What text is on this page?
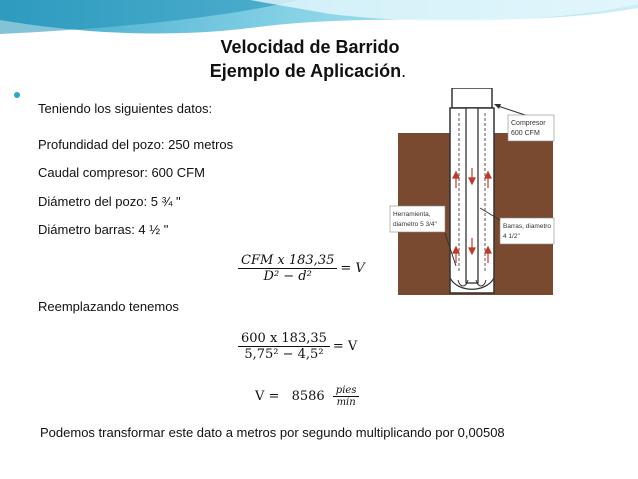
Velocidad de Barrido
Ejemplo de Aplicación.
Teniendo los siguientes datos:
Profundidad del pozo: 250 metros
Caudal compresor: 600 CFM
Diámetro del pozo: 5 ¾ "
Diámetro barras: 4 ½ "
$\frac{\text{CFM x 183,35}}{\text{D² − d²}} = V$
Reemplazando tenemos
$\frac{600 x 183,35}{\text{5,75² − 4,5²}} = V$
$V = 8586 \frac{\text{pies}}{\min}$
Podemos transformar este dato a metros por segundo multiplicando por 0,00508
Compresor
600 CFM
Herramienta,
diametro 5 3/4"	Barras, diametro
4 1/2"
